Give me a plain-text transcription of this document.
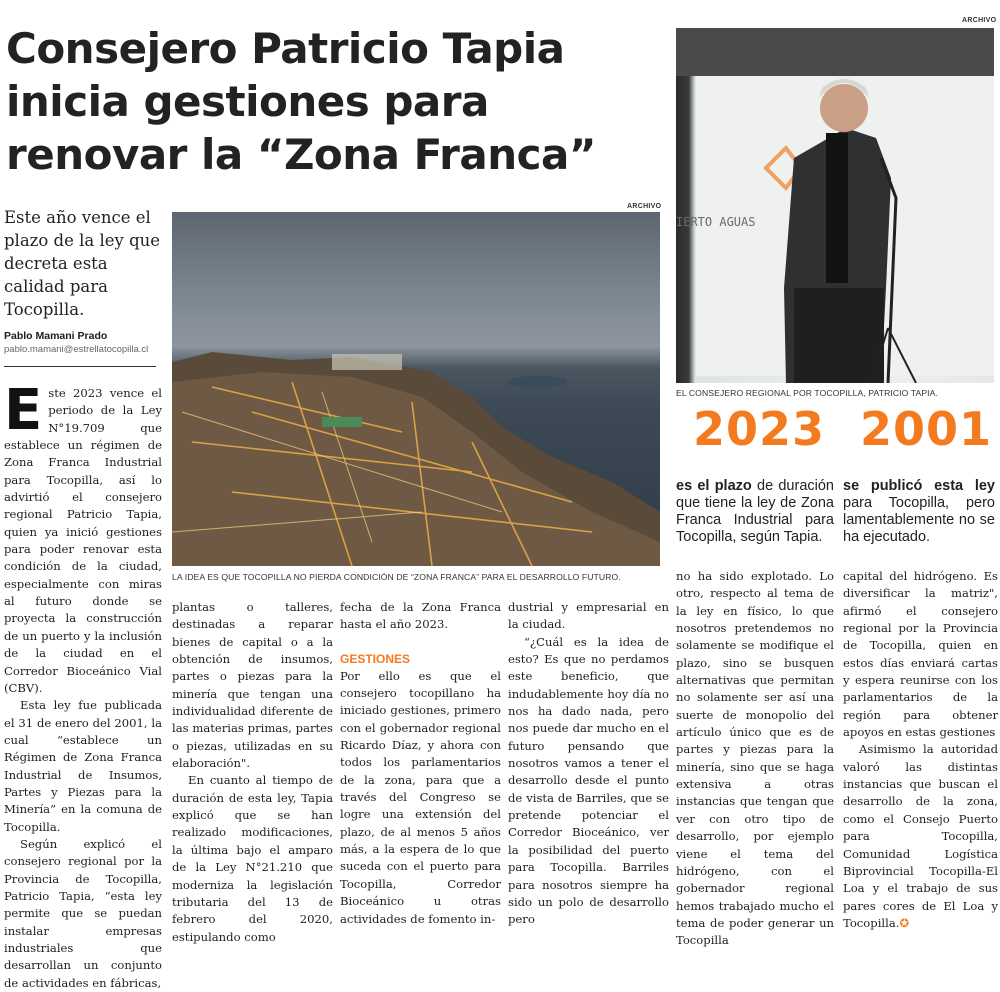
Consejero Patricio Tapia
inicia gestiones para
renovar la “Zona Franca”
ARCHIVO
ARCHIVO
Este año vence el plazo de la ley que decreta esta calidad para Tocopilla.
Pablo Mamani Prado
pablo.mamani@estrellatocopilla.cl
LA IDEA ES QUE TOCOPILLA NO PIERDA CONDICIÓN DE “ZONA FRANCA” PARA EL DESARROLLO FUTURO.
IERTO AGUAS
EL CONSEJERO REGIONAL POR TOCOPILLA, PATRICIO TAPIA.
2023 2001
es el plazo de duración que tiene la ley de Zona Franca Industrial para Tocopilla, según Tapia.
se publicó esta ley para Tocopilla, pero lamentablemente no se ha ejecutado.

Este 2023 vence el periodo de la Ley N°19.709 que establece un régimen de Zona Franca Industrial para Tocopilla, así lo advirtió el consejero regional Patricio Tapia, quien ya inició gestiones para poder renovar esta condición de la ciudad, especialmente con miras al futuro donde se proyecta la construcción de un puerto y la inclusión de la ciudad en el Corredor Bioceánico Vial (CBV).

Esta ley fue publicada el 31 de enero del 2001, la cual “establece un Régimen de Zona Franca Industrial de Insumos, Partes y Piezas para la Minería” en la comuna de Tocopilla.

Según explicó el consejero regional por la Provincia de Tocopilla, Patricio Tapia, “esta ley permite que se puedan instalar empresas industriales que desarrollan un conjunto de actividades en fábricas,

plantas o talleres, destinadas a reparar bienes de capital o a la obtención de insumos, partes o piezas para la minería que tengan una individualidad diferente de las materias primas, partes o piezas, utilizadas en su elaboración".

En cuanto al tiempo de duración de esta ley, Tapia explicó que se han realizado modificaciones, la última bajo el amparo de la Ley N°21.210 que moderniza la legislación tributaria del 13 de febrero del 2020, estipulando como

fecha de la Zona Franca hasta el año 2023.

GESTIONES

Por ello es que el consejero tocopillano ha iniciado gestiones, primero con el gobernador regional Ricardo Díaz, y ahora con todos los parlamentarios de la zona, para que a través del Congreso se logre una extensión del plazo, de al menos 5 años más, a la espera de lo que suceda con el puerto para Tocopilla, Corredor Bioceánico u otras actividades de fomento in-

dustrial y empresarial en la ciudad.

“¿Cuál es la idea de esto? Es que no perdamos este beneficio, que indudablemente hoy día no nos ha dado nada, pero nos puede dar mucho en el futuro pensando que nosotros vamos a tener el desarrollo desde el punto de vista de Barriles, que se pretende potenciar el Corredor Bioceánico, ver la posibilidad del puerto para Tocopilla. Barriles para nosotros siempre ha sido un polo de desarrollo pero

no ha sido explotado. Lo otro, respecto al tema de la ley en físico, lo que nosotros pretendemos no solamente se modifique el plazo, sino se busquen alternativas que permitan no solamente ser así una suerte de monopolio del artículo único que es de partes y piezas para la minería, sino que se haga extensiva a otras instancias que tengan que ver con otro tipo de desarrollo, por ejemplo viene el tema del hidrógeno, con el gobernador regional hemos trabajado mucho el tema de poder generar un Tocopilla

capital del hidrógeno. Es diversificar la matriz", afirmó el consejero regional por la Provincia de Tocopilla, quien en estos días enviará cartas y espera reunirse con los parlamentarios de la región para obtener apoyos en estas gestiones

Asimismo la autoridad valoró las distintas instancias que buscan el desarrollo de la zona, como el Consejo Puerto para Tocopilla, Comunidad Logística Biprovincial Tocopilla-El Loa y el trabajo de sus pares cores de El Loa y Tocopilla.✪
